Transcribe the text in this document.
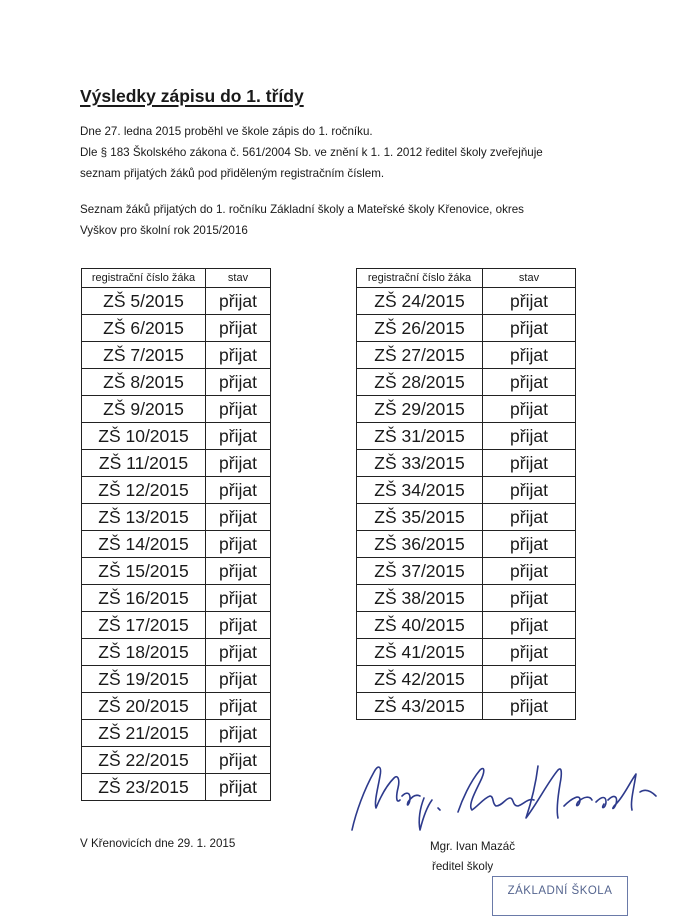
Výsledky zápisu do 1. třídy

Dne 27. ledna 2015 proběhl ve škole zápis do 1. ročníku.
Dle § 183 Školského zákona č. 561/2004 Sb. ve znění k 1. 1. 2012 ředitel školy zveřejňuje
seznam přijatých žáků pod přiděleným registračním číslem.

Seznam žáků přijatých do 1. ročníku Základní školy a Mateřské školy Křenovice, okres
Vyškov pro školní rok 2015/2016

registrační číslo žáka	stav
ZŠ 5/2015	přijat
ZŠ 6/2015	přijat
ZŠ 7/2015	přijat
ZŠ 8/2015	přijat
ZŠ 9/2015	přijat
ZŠ 10/2015	přijat
ZŠ 11/2015	přijat
ZŠ 12/2015	přijat
ZŠ 13/2015	přijat
ZŠ 14/2015	přijat
ZŠ 15/2015	přijat
ZŠ 16/2015	přijat
ZŠ 17/2015	přijat
ZŠ 18/2015	přijat
ZŠ 19/2015	přijat
ZŠ 20/2015	přijat
ZŠ 21/2015	přijat
ZŠ 22/2015	přijat
ZŠ 23/2015	přijat
registrační číslo žáka	stav
ZŠ 24/2015	přijat
ZŠ 26/2015	přijat
ZŠ 27/2015	přijat
ZŠ 28/2015	přijat
ZŠ 29/2015	přijat
ZŠ 31/2015	přijat
ZŠ 33/2015	přijat
ZŠ 34/2015	přijat
ZŠ 35/2015	přijat
ZŠ 36/2015	přijat
ZŠ 37/2015	přijat
ZŠ 38/2015	přijat
ZŠ 40/2015	přijat
ZŠ 41/2015	přijat
ZŠ 42/2015	přijat
ZŠ 43/2015	přijat

V Křenovicích dne 29. 1. 2015	Mgr. Ivan Mazáč

ředitel školy

ZÁKLADNÍ ŠKOLA
